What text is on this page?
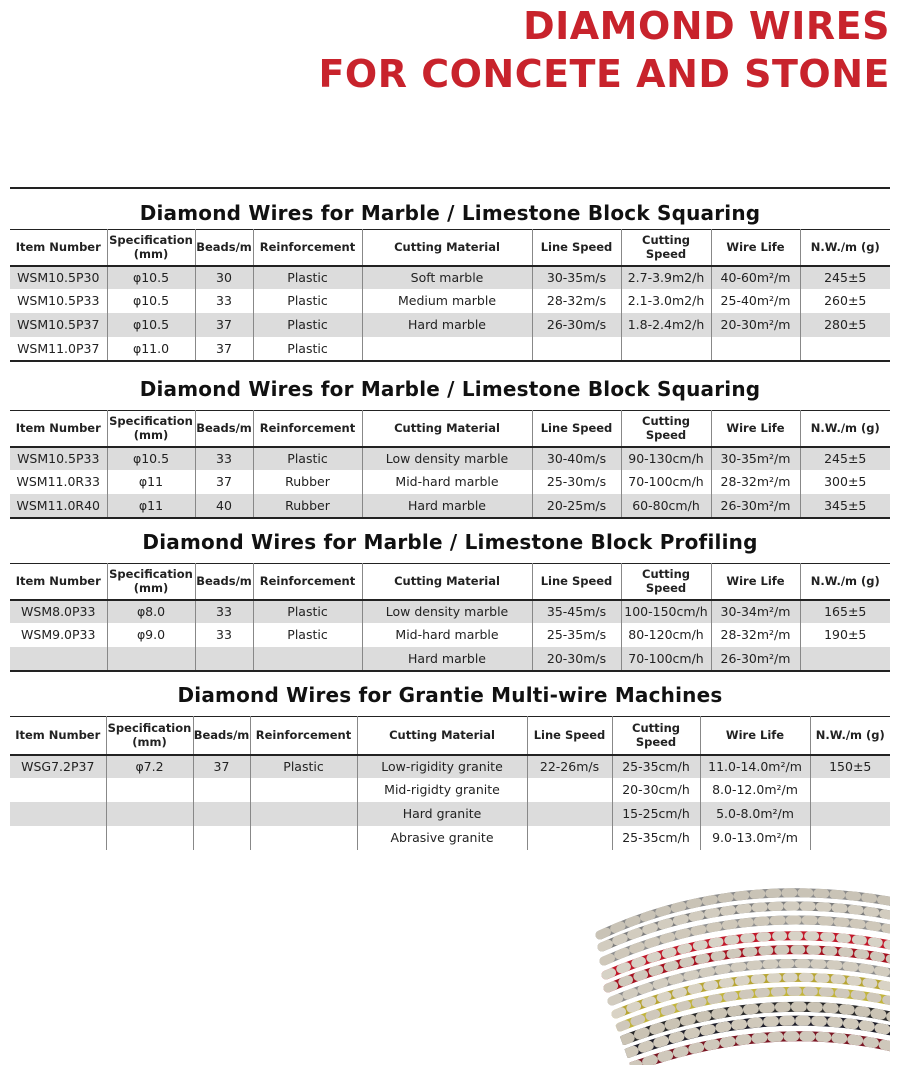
DIAMOND WIRES
FOR CONCETE AND STONE
Diamond Wires for Marble / Limestone Block Squaring
Item Number	Specification
(mm)	Beads/m	Reinforcement	Cutting Material	Line Speed	Cutting
Speed	Wire Life	N.W./m (g)
WSM10.5P30	φ10.5	30	Plastic	Soft marble	30-35m/s	2.7-3.9m2/h	40-60m²/m	245±5
WSM10.5P33	φ10.5	33	Plastic	Medium marble	28-32m/s	2.1-3.0m2/h	25-40m²/m	260±5
WSM10.5P37	φ10.5	37	Plastic	Hard marble	26-30m/s	1.8-2.4m2/h	20-30m²/m	280±5
WSM11.0P37	φ11.0	37	Plastic					
Diamond Wires for Marble / Limestone Block Squaring
Item Number	Specification
(mm)	Beads/m	Reinforcement	Cutting Material	Line Speed	Cutting
Speed	Wire Life	N.W./m (g)
WSM10.5P33	φ10.5	33	Plastic	Low density marble	30-40m/s	90-130cm/h	30-35m²/m	245±5
WSM11.0R33	φ11	37	Rubber	Mid-hard marble	25-30m/s	70-100cm/h	28-32m²/m	300±5
WSM11.0R40	φ11	40	Rubber	Hard marble	20-25m/s	60-80cm/h	26-30m²/m	345±5
Diamond Wires for Marble / Limestone Block Profiling
Item Number	Specification
(mm)	Beads/m	Reinforcement	Cutting Material	Line Speed	Cutting
Speed	Wire Life	N.W./m (g)
WSM8.0P33	φ8.0	33	Plastic	Low density marble	35-45m/s	100-150cm/h	30-34m²/m	165±5
WSM9.0P33	φ9.0	33	Plastic	Mid-hard marble	25-35m/s	80-120cm/h	28-32m²/m	190±5
				Hard marble	20-30m/s	70-100cm/h	26-30m²/m	
Diamond Wires for Grantie Multi-wire Machines
Item Number	Specification
(mm)	Beads/m	Reinforcement	Cutting Material	Line Speed	Cutting
Speed	Wire Life	N.W./m (g)
WSG7.2P37	φ7.2	37	Plastic	Low-rigidity granite	22-26m/s	25-35cm/h	11.0-14.0m²/m	150±5
				Mid-rigidty granite		20-30cm/h	8.0-12.0m²/m	
				Hard granite		15-25cm/h	5.0-8.0m²/m	
				Abrasive granite		25-35cm/h	9.0-13.0m²/m	
